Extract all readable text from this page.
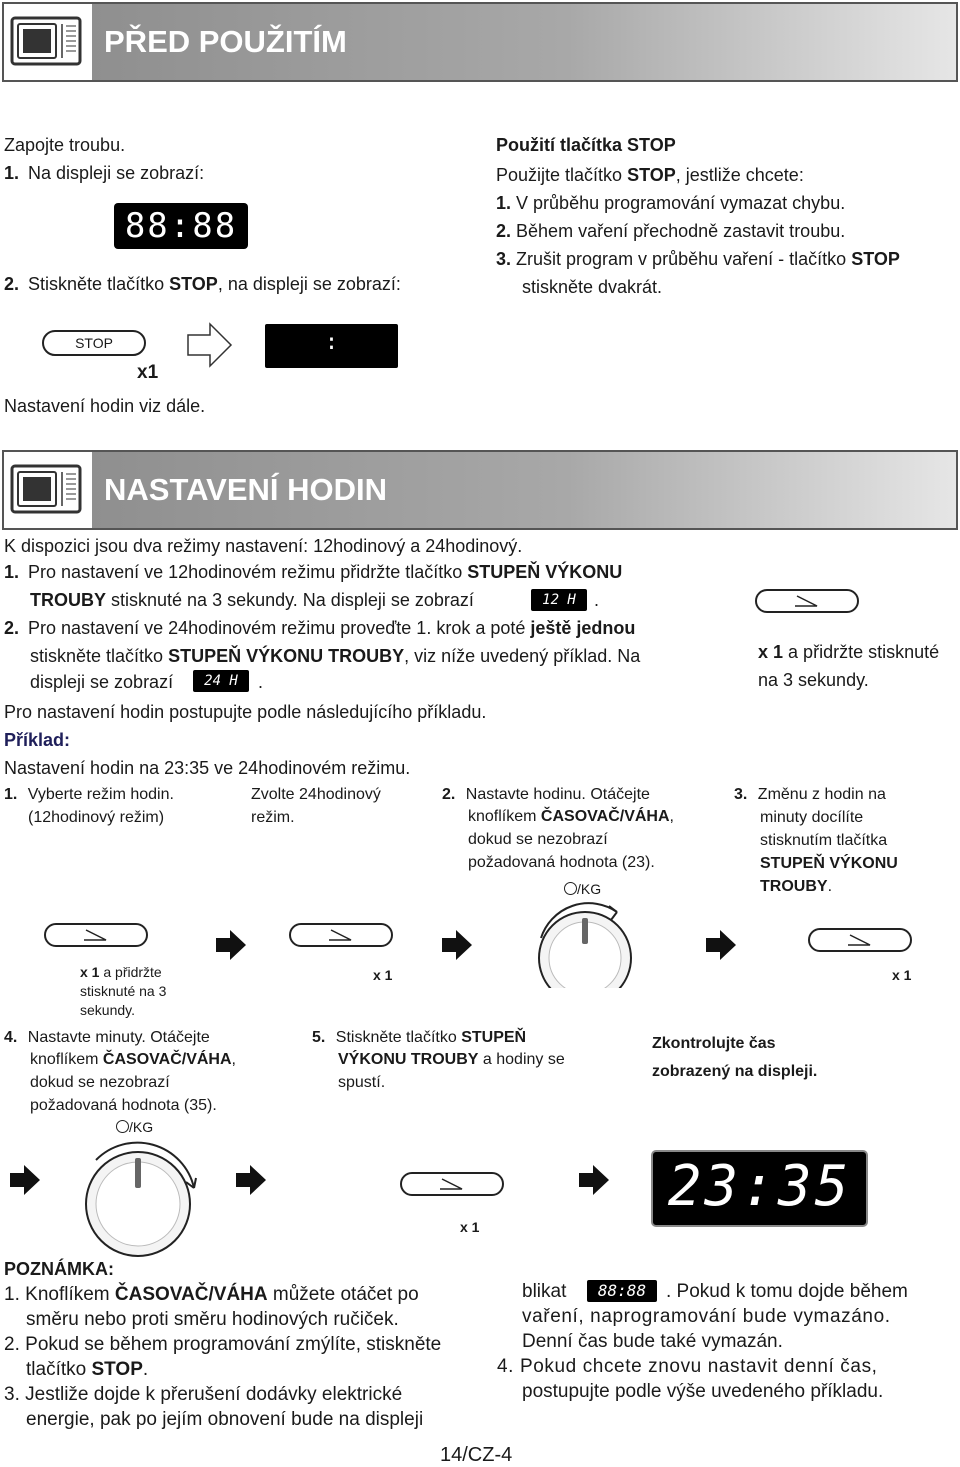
PŘED POUŽITÍM
Zapojte troubu.
1. Na displeji se zobrazí:
88:88
2. Stiskněte tlačítko STOP, na displeji se zobrazí:
STOP
x1
:
Nastavení hodin viz dále.
Použití tlačítka STOP
Použijte tlačítko STOP, jestliže chcete:
1. V průběhu programování vymazat chybu.
2. Během vaření přechodně zastavit troubu.
3. Zrušit program v průběhu vaření - tlačítko STOP
stiskněte dvakrát.
NASTAVENÍ HODIN
K dispozici jsou dva režimy nastavení: 12hodinový a 24hodinový.
1. Pro nastavení ve 12hodinovém režimu přidržte tlačítko STUPEŇ VÝKONU
TROUBY stisknuté na 3 sekundy. Na displeji se zobrazí	12 H	.
2. Pro nastavení ve 24hodinovém režimu proveďte 1. krok a poté ještě jednou
stiskněte tlačítko STUPEŇ VÝKONU TROUBY, viz níže uvedený příklad. Na
displeji se zobrazí	24 H	.
x 1 a přidržte stisknuté
na 3 sekundy.
Pro nastavení hodin postupujte podle následujícího příkladu.
Příklad:
Nastavení hodin na 23:35 ve 24hodinovém režimu.
1. Vyberte režim hodin.
(12hodinový režim)
Zvolte 24hodinový
režim.
2. Nastavte hodinu. Otáčejte
knoflíkem ČASOVAČ/VÁHA,
dokud se nezobrazí
požadovaná hodnota (23).
3. Změnu z hodin na
minuty docílíte
stisknutím tlačítka
STUPEŇ VÝKONU
TROUBY.
/KG
x 1 a přidržte
stisknuté na 3
sekundy.
x 1	x 1
4. Nastavte minuty. Otáčejte
knoflíkem ČASOVAČ/VÁHA,
dokud se nezobrazí
požadovaná hodnota (35).
5. Stiskněte tlačítko STUPEŇ
VÝKONU TROUBY a hodiny se
spustí.
Zkontrolujte čas
zobrazený na displeji.
/KG
x 1
23:35
POZNÁMKA:
1. Knoflíkem ČASOVAČ/VÁHA můžete otáčet po
směru nebo proti směru hodinových ručiček.
2. Pokud se během programování zmýlíte, stiskněte
tlačítko STOP.
3. Jestliže dojde k přerušení dodávky elektrické
energie, pak po jejím obnovení bude na displeji
blikat	88:88	. Pokud k tomu dojde během
vaření, naprogramování bude vymazáno.
Denní čas bude také vymazán.
4. Pokud chcete znovu nastavit denní čas,
postupujte podle výše uvedeného příkladu.
14/CZ-4
